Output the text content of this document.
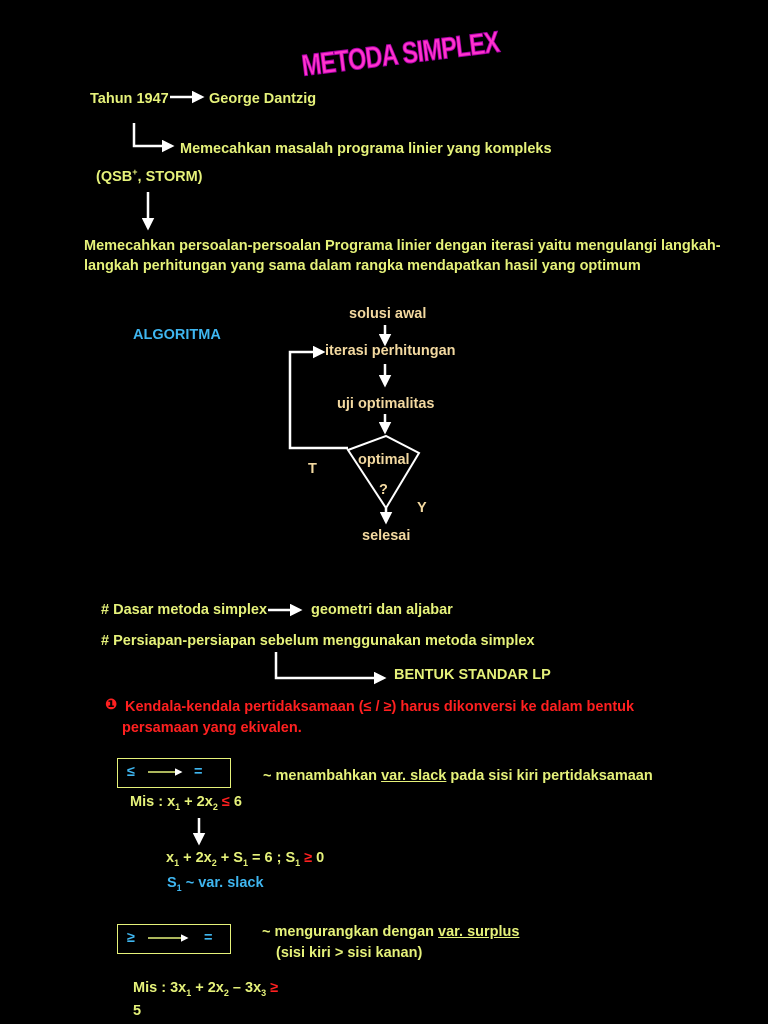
METODA SIMPLEX
Tahun 1947	George Dantzig
Memecahkan masalah programa linier yang kompleks
(QSB+, STORM)
Memecahkan persoalan-persoalan Programa linier dengan iterasi yaitu mengulangi langkah-
langkah perhitungan yang sama dalam rangka mendapatkan hasil yang optimum
ALGORITMA
solusi awal
iterasi perhitungan
uji optimalitas
optimal
?
T
Y
selesai
# Dasar metoda simplex	geometri dan aljabar
# Persiapan-persiapan sebelum menggunakan metoda simplex
BENTUK STANDAR LP
❶ Kendala-kendala pertidaksamaan (≤ / ≥) harus dikonversi ke dalam bentuk
persamaan yang ekivalen.
≤	=	~ menambahkan var. slack pada sisi kiri pertidaksamaan
Mis : $x_1 + 2x_2 \le 6$
$x_1 + 2x_2 + S_1 = 6$ ; $S_1 \ge 0$
$S_1$ ~ var. slack
≥	=	~ mengurangkan dengan var. surplus
(sisi kiri > sisi kanan)
Mis : $3x_1 + 2x_2 - 3x_3$ ≥
5
